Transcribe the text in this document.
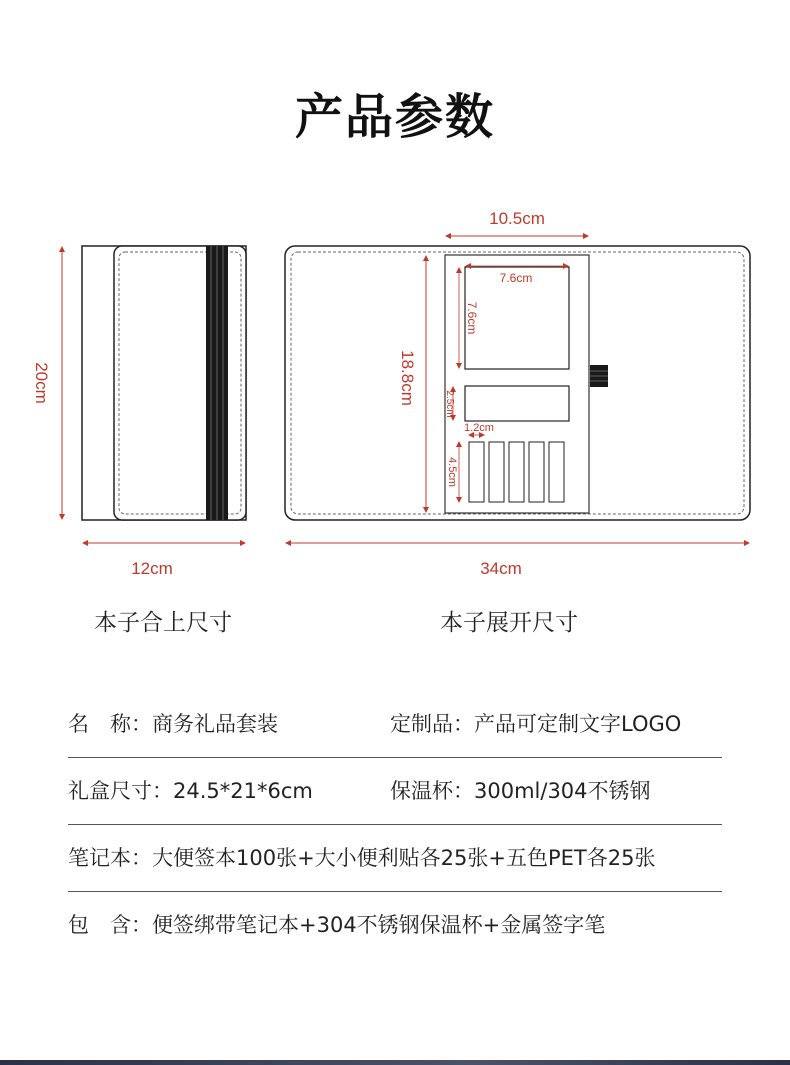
产品参数
20cm
12cm
10.5cm
18.8cm
7.6cm
7.6cm
2.5cm
1.2cm
4.5cm
34cm
本子合上尺寸	本子展开尺寸
名　称：商务礼品套装	定制品：产品可定制文字LOGO
礼盒尺寸：24.5*21*6cm	保温杯：300ml/304不锈钢
笔记本：大便签本100张+大小便利贴各25张+五色PET各25张
包　含：便签绑带笔记本+304不锈钢保温杯+金属签字笔
